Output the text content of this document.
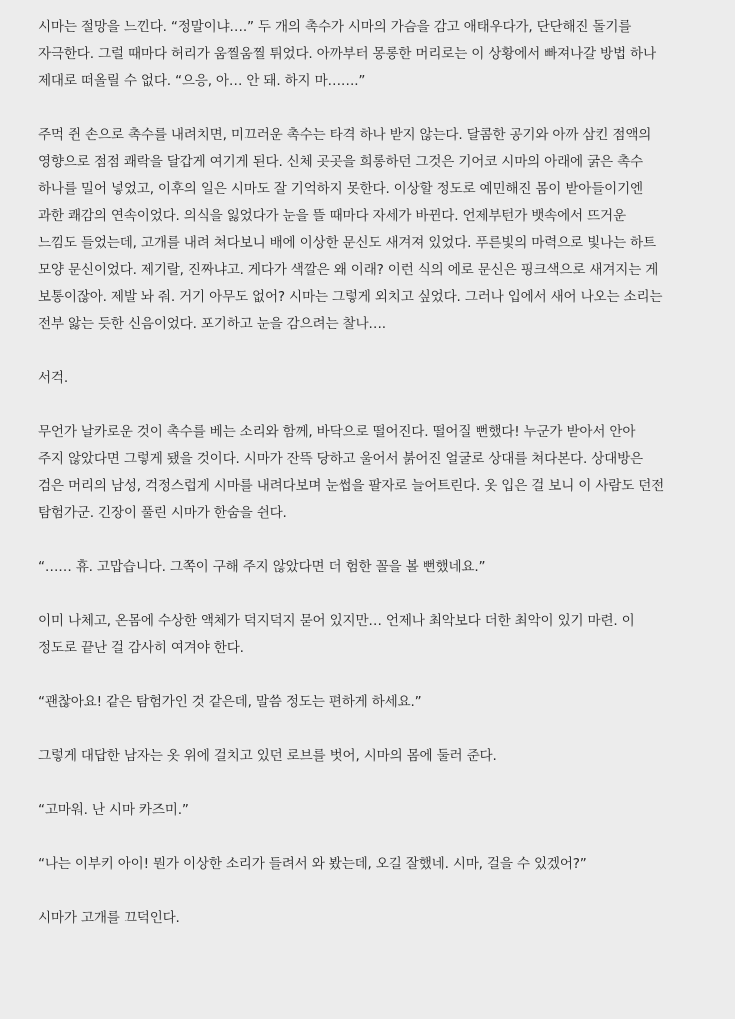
시마는 절망을 느낀다. “정말이냐….” 두 개의 촉수가 시마의 가슴을 감고 애태우다가, 단단해진 돌기를
자극한다. 그럴 때마다 허리가 움찔움찔 튀었다. 아까부터 몽롱한 머리로는 이 상황에서 빠져나갈 방법 하나
제대로 떠올릴 수 없다. “으응, 아… 안 돼. 하지 마…….”

주먹 쥔 손으로 촉수를 내려치면, 미끄러운 촉수는 타격 하나 받지 않는다. 달콤한 공기와 아까 삼킨 점액의
영향으로 점점 쾌락을 달갑게 여기게 된다. 신체 곳곳을 희롱하던 그것은 기어코 시마의 아래에 굵은 촉수
하나를 밀어 넣었고, 이후의 일은 시마도 잘 기억하지 못한다. 이상할 정도로 예민해진 몸이 받아들이기엔
과한 쾌감의 연속이었다. 의식을 잃었다가 눈을 뜰 때마다 자세가 바뀐다. 언제부턴가 뱃속에서 뜨거운
느낌도 들었는데, 고개를 내려 쳐다보니 배에 이상한 문신도 새겨져 있었다. 푸른빛의 마력으로 빛나는 하트
모양 문신이었다. 제기랄, 진짜냐고. 게다가 색깔은 왜 이래? 이런 식의 에로 문신은 핑크색으로 새겨지는 게
보통이잖아. 제발 놔 줘. 거기 아무도 없어? 시마는 그렇게 외치고 싶었다. 그러나 입에서 새어 나오는 소리는
전부 앓는 듯한 신음이었다. 포기하고 눈을 감으려는 찰나….

서걱.

무언가 날카로운 것이 촉수를 베는 소리와 함께, 바닥으로 떨어진다. 떨어질 뻔했다! 누군가 받아서 안아
주지 않았다면 그렇게 됐을 것이다. 시마가 잔뜩 당하고 울어서 붉어진 얼굴로 상대를 쳐다본다. 상대방은
검은 머리의 남성, 걱정스럽게 시마를 내려다보며 눈썹을 팔자로 늘어트린다. 옷 입은 걸 보니 이 사람도 던전
탐험가군. 긴장이 풀린 시마가 한숨을 쉰다.

“…… 휴. 고맙습니다. 그쪽이 구해 주지 않았다면 더 험한 꼴을 볼 뻔했네요.”

이미 나체고, 온몸에 수상한 액체가 덕지덕지 묻어 있지만… 언제나 최악보다 더한 최악이 있기 마련. 이
정도로 끝난 걸 감사히 여겨야 한다.

“괜찮아요! 같은 탐험가인 것 같은데, 말씀 정도는 편하게 하세요.”

그렇게 대답한 남자는 옷 위에 걸치고 있던 로브를 벗어, 시마의 몸에 둘러 준다.

“고마워. 난 시마 카즈미.”

“나는 이부키 아이! 뭔가 이상한 소리가 들려서 와 봤는데, 오길 잘했네. 시마, 걸을 수 있겠어?”

시마가 고개를 끄덕인다.
